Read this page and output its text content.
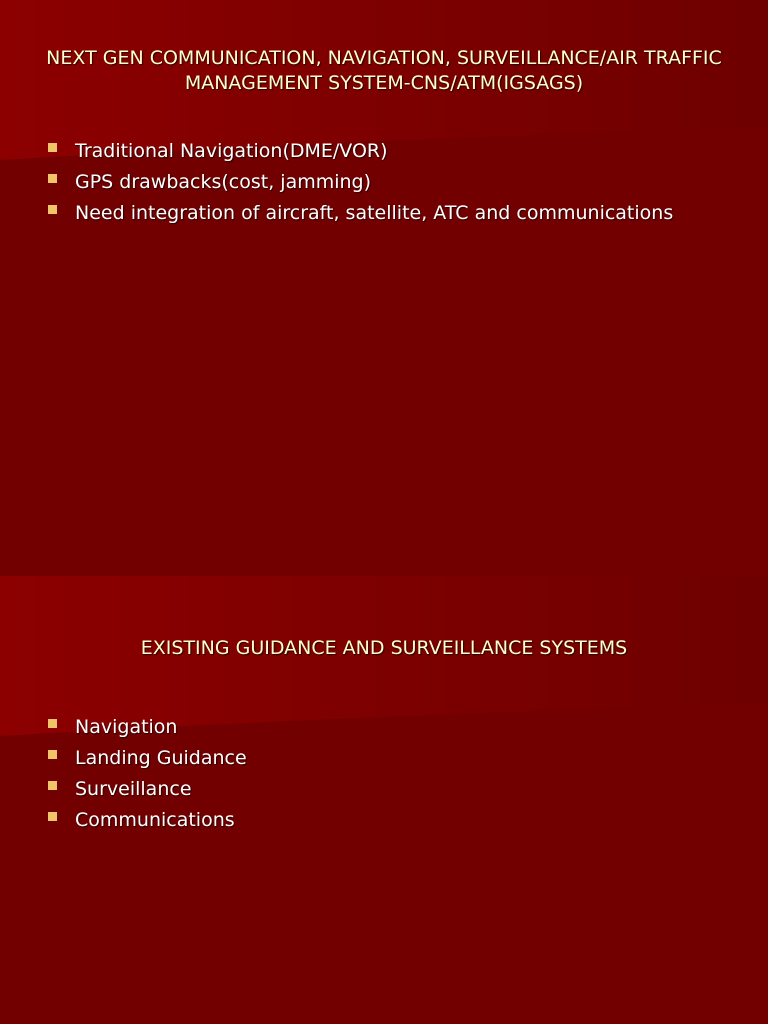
NEXT GEN COMMUNICATION, NAVIGATION, SURVEILLANCE/AIR TRAFFIC MANAGEMENT SYSTEM-CNS/ATM(IGSAGS)
Traditional Navigation(DME/VOR)
GPS drawbacks(cost, jamming)
Need integration of aircraft, satellite, ATC and communications
EXISTING GUIDANCE AND SURVEILLANCE SYSTEMS
Navigation
Landing Guidance
Surveillance
Communications
